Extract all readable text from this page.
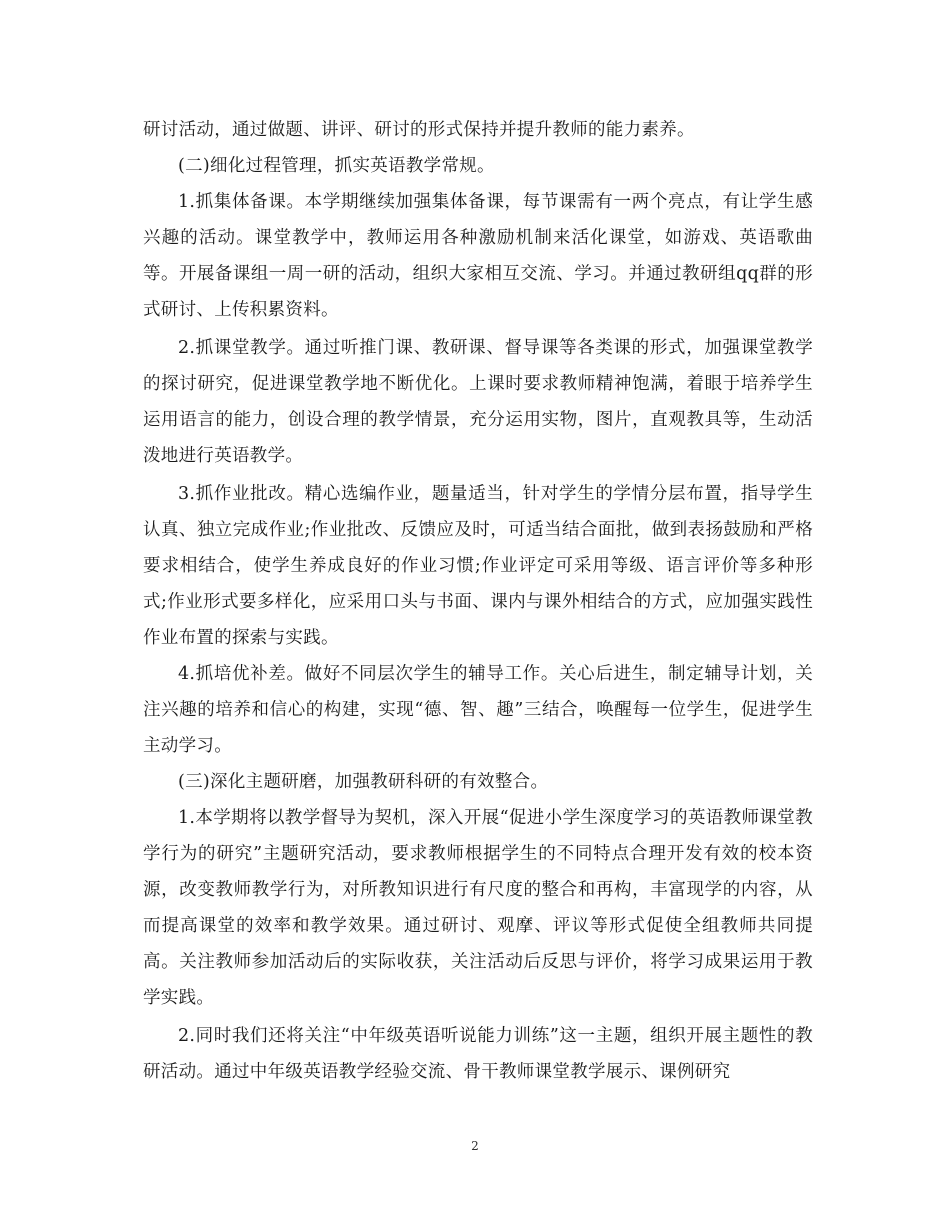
研讨活动，通过做题、讲评、研讨的形式保持并提升教师的能力素养。

(二)细化过程管理，抓实英语教学常规。

1.抓集体备课。本学期继续加强集体备课，每节课需有一两个亮点，有让学生感兴趣的活动。课堂教学中，教师运用各种激励机制来活化课堂，如游戏、英语歌曲等。开展备课组一周一研的活动，组织大家相互交流、学习。并通过教研组qq群的形式研讨、上传积累资料。

2.抓课堂教学。通过听推门课、教研课、督导课等各类课的形式，加强课堂教学的探讨研究，促进课堂教学地不断优化。上课时要求教师精神饱满，着眼于培养学生运用语言的能力，创设合理的教学情景，充分运用实物，图片，直观教具等，生动活泼地进行英语教学。

3.抓作业批改。精心选编作业，题量适当，针对学生的学情分层布置，指导学生认真、独立完成作业;作业批改、反馈应及时，可适当结合面批，做到表扬鼓励和严格要求相结合，使学生养成良好的作业习惯;作业评定可采用等级、语言评价等多种形式;作业形式要多样化，应采用口头与书面、课内与课外相结合的方式，应加强实践性作业布置的探索与实践。

4.抓培优补差。做好不同层次学生的辅导工作。关心后进生，制定辅导计划，关注兴趣的培养和信心的构建，实现“德、智、趣”三结合，唤醒每一位学生，促进学生主动学习。

(三)深化主题研磨，加强教研科研的有效整合。

1.本学期将以教学督导为契机，深入开展“促进小学生深度学习的英语教师课堂教学行为的研究”主题研究活动，要求教师根据学生的不同特点合理开发有效的校本资源，改变教师教学行为，对所教知识进行有尺度的整合和再构，丰富现学的内容，从而提高课堂的效率和教学效果。通过研讨、观摩、评议等形式促使全组教师共同提高。关注教师参加活动后的实际收获，关注活动后反思与评价，将学习成果运用于教学实践。

2.同时我们还将关注“中年级英语听说能力训练”这一主题，组织开展主题性的教研活动。通过中年级英语教学经验交流、骨干教师课堂教学展示、课例研究

2
